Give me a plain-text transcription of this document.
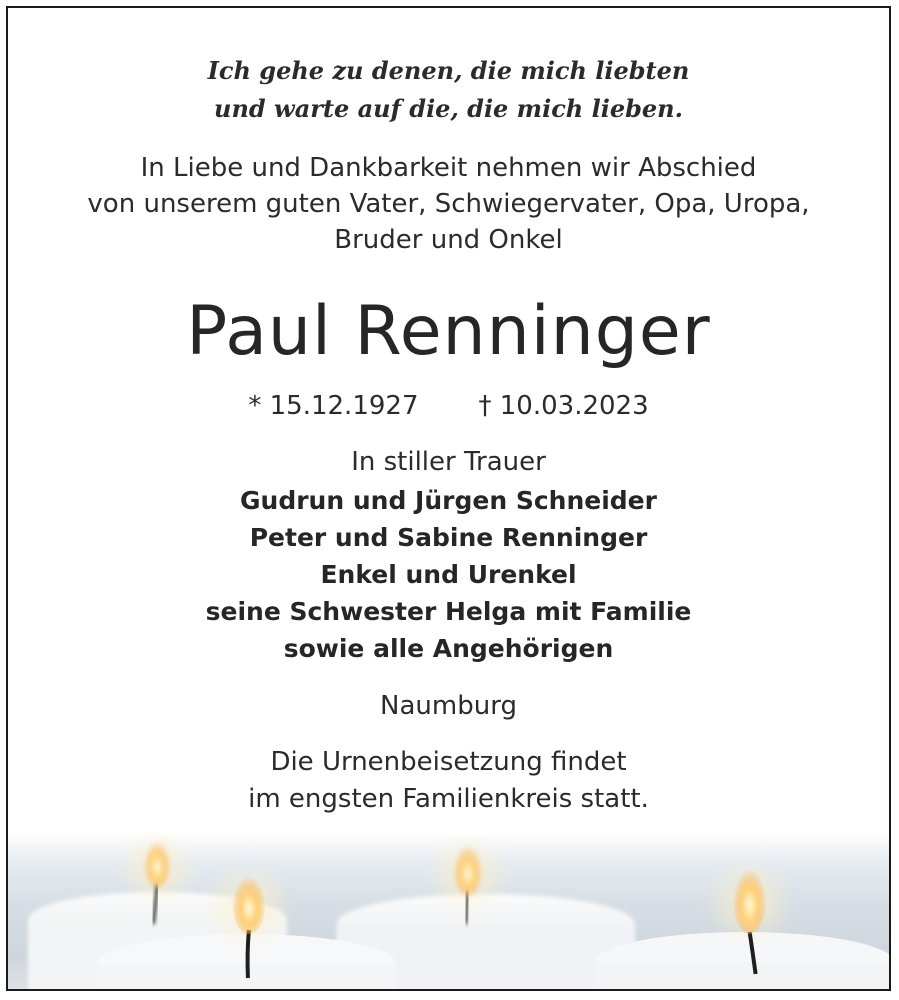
Ich gehe zu denen, die mich liebten
und warte auf die, die mich lieben.
In Liebe und Dankbarkeit nehmen wir Abschied
von unserem guten Vater, Schwiegervater, Opa, Uropa,
Bruder und Onkel
Paul Renninger
* 15.12.1927 † 10.03.2023
In stiller Trauer
Gudrun und Jürgen Schneider
Peter und Sabine Renninger
Enkel und Urenkel
seine Schwester Helga mit Familie
sowie alle Angehörigen
Naumburg
Die Urnenbeisetzung findet
im engsten Familienkreis statt.
